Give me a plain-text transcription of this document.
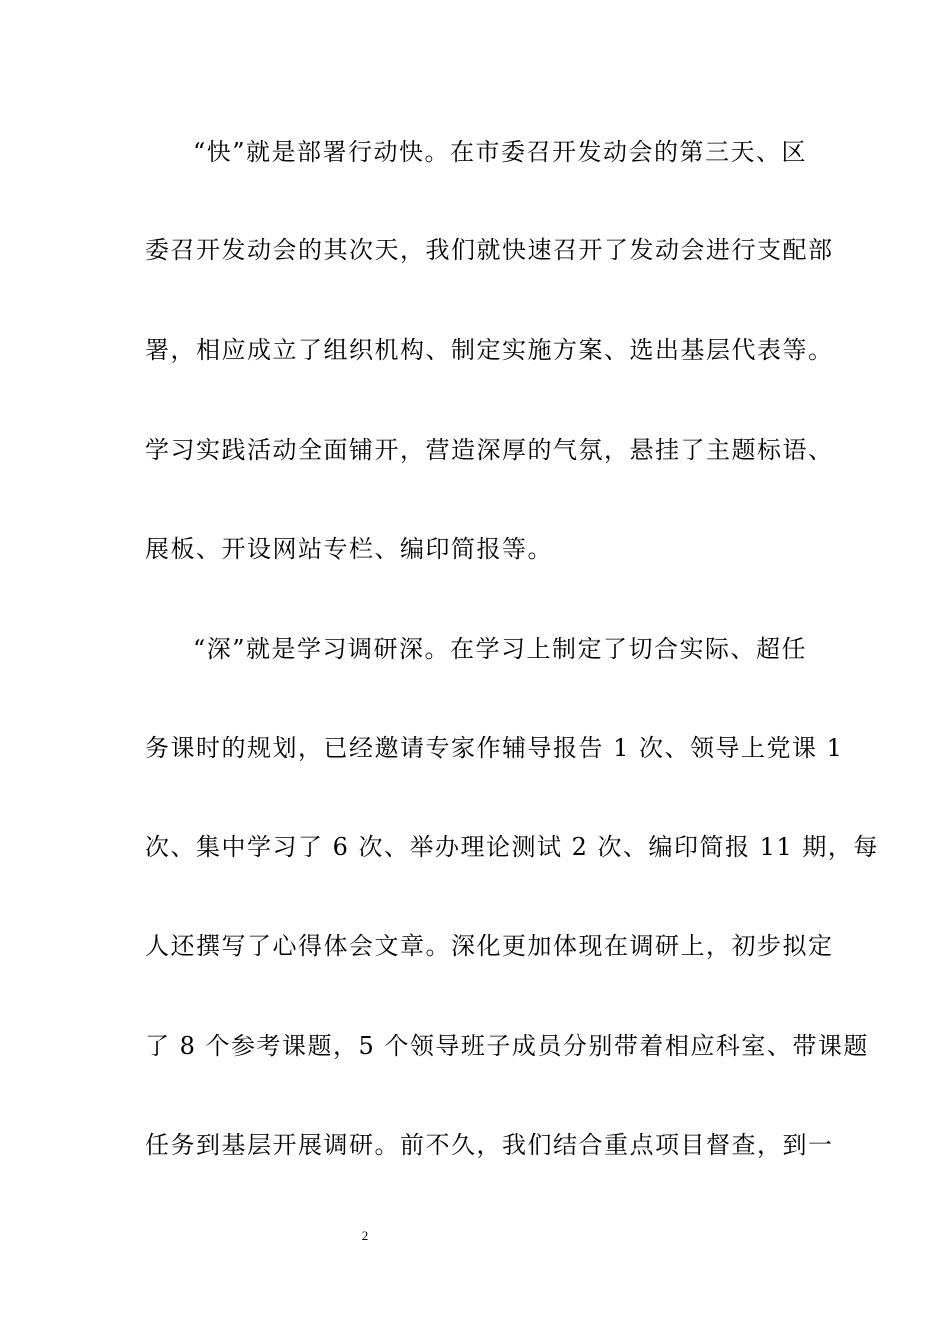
“快”就是部署行动快。在市委召开发动会的第三天、区
委召开发动会的其次天，我们就快速召开了发动会进行支配部
署，相应成立了组织机构、制定实施方案、选出基层代表等。
学习实践活动全面铺开，营造深厚的气氛，悬挂了主题标语、
展板、开设网站专栏、编印简报等。
“深”就是学习调研深。在学习上制定了切合实际、超任
务课时的规划，已经邀请专家作辅导报告 1 次、领导上党课 1
次、集中学习了 6 次、举办理论测试 2 次、编印简报 11 期，每
人还撰写了心得体会文章。深化更加体现在调研上，初步拟定
了 8 个参考课题，5 个领导班子成员分别带着相应科室、带课题
任务到基层开展调研。前不久，我们结合重点项目督查，到一
2
